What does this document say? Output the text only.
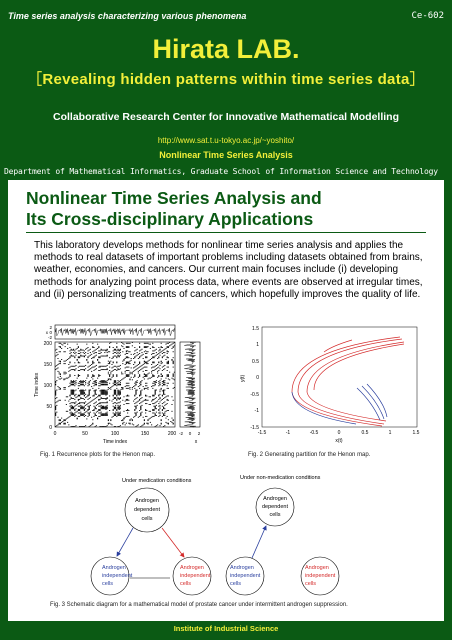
Time series analysis characterizing various phenomena	Ce-602
Hirata LAB.
［Revealing hidden patterns within time series data］
Collaborative Research Center for Innovative Mathematical Modelling
http://www.sat.t.u-tokyo.ac.jp/~yoshito/
Nonlinear Time Series Analysis
Department of Mathematical Informatics, Graduate School of Information Science and Technology
Nonlinear Time Series Analysis and
Its Cross-disciplinary Applications
This laboratory develops methods for nonlinear time series analysis and applies the methods to real datasets of important problems including datasets obtained from brains, weather, economies, and cancers. Our current main focuses include (i) developing methods for analyzing point process data, where events are observed at irregular times, and (ii) personalizing treatments of cancers, which hopefully improves the quality of life.
2
0
-2
x
200
150
100
50
0
Time index
0	50	100	150	200
Time index
-2 0 2
x
1.5
1
0.5
0
-0.5
-1
-1.5
y(t)
-1.5	-1	-0.5	0	0.5	1	1.5
x(t)
Fig. 1 Recurrence plots for the Henon map.	Fig. 2 Generating partition for the Henon map.
Under medication conditions	Under non-medication conditions
Androgen
dependent
cells
Androgen
independent
cells
Androgen
independent
cells
Androgen
dependent
cells
Androgen
independent
cells
Androgen
independent
cells
Fig. 3 Schematic diagram for a mathematical model of prostate cancer under intermittent androgen suppression.
Institute of Industrial Science
